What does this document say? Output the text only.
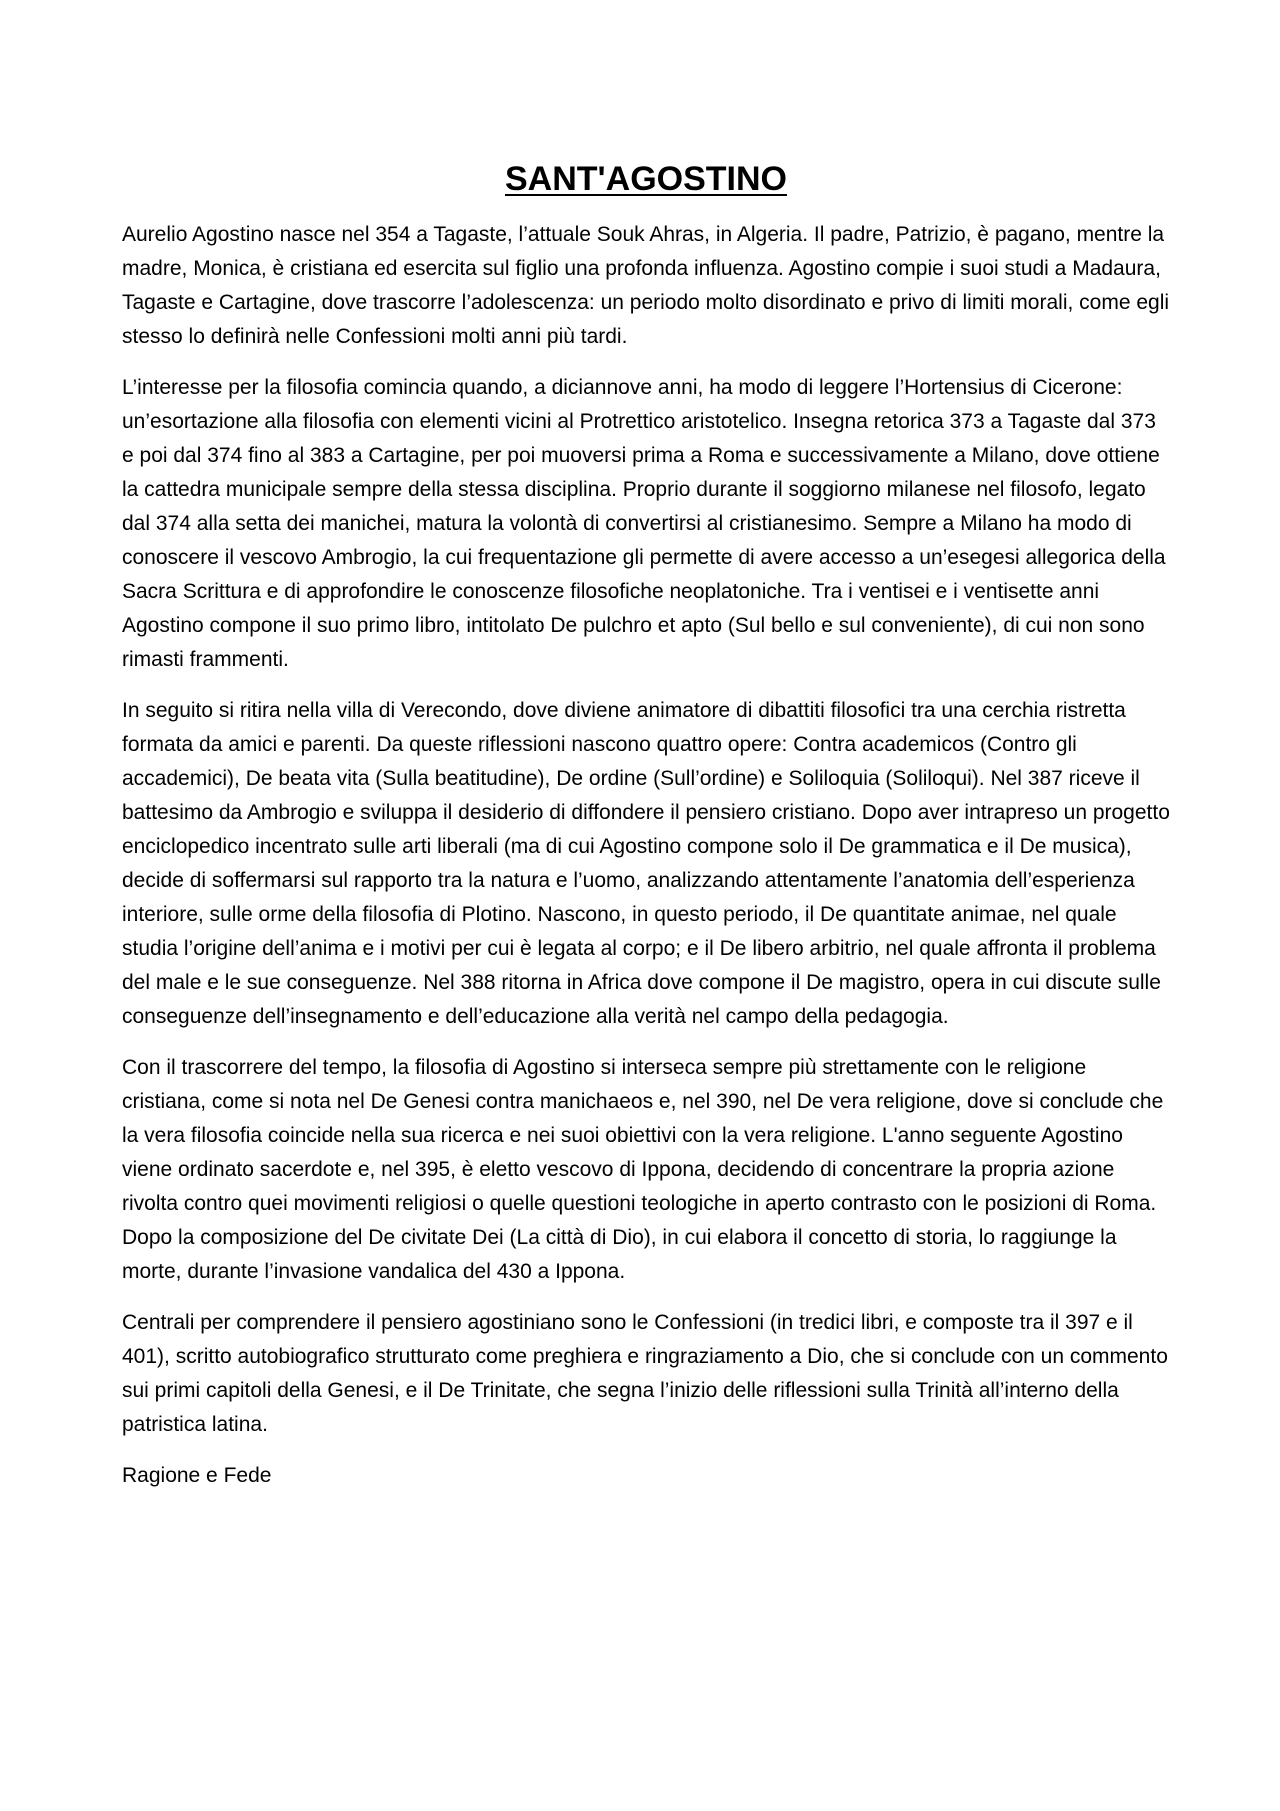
SANT'AGOSTINO

Aurelio Agostino nasce nel 354 a Tagaste, l’attuale Souk Ahras, in Algeria. Il padre, Patrizio, è pagano, mentre la madre, Monica, è cristiana ed esercita sul figlio una profonda influenza. Agostino compie i suoi studi a Madaura, Tagaste e Cartagine, dove trascorre l’adolescenza: un periodo molto disordinato e privo di limiti morali, come egli stesso lo definirà nelle Confessioni molti anni più tardi.

L’interesse per la filosofia comincia quando, a diciannove anni, ha modo di leggere l’Hortensius di Cicerone: un’esortazione alla filosofia con elementi vicini al Protrettico aristotelico. Insegna retorica 373 a Tagaste dal 373 e poi dal 374 fino al 383 a Cartagine, per poi muoversi prima a Roma e successivamente a Milano, dove ottiene la cattedra municipale sempre della stessa disciplina. Proprio durante il soggiorno milanese nel filosofo, legato dal 374 alla setta dei manichei, matura la volontà di convertirsi al cristianesimo. Sempre a Milano ha modo di conoscere il vescovo Ambrogio, la cui frequentazione gli permette di avere accesso a un’esegesi allegorica della Sacra Scrittura e di approfondire le conoscenze filosofiche neoplatoniche. Tra i ventisei e i ventisette anni Agostino compone il suo primo libro, intitolato De pulchro et apto (Sul bello e sul conveniente), di cui non sono rimasti frammenti.

In seguito si ritira nella villa di Verecondo, dove diviene animatore di dibattiti filosofici tra una cerchia ristretta formata da amici e parenti. Da queste riflessioni nascono quattro opere: Contra academicos (Contro gli accademici), De beata vita (Sulla beatitudine), De ordine (Sull’ordine) e Soliloquia (Soliloqui). Nel 387 riceve il battesimo da Ambrogio e sviluppa il desiderio di diffondere il pensiero cristiano. Dopo aver intrapreso un progetto enciclopedico incentrato sulle arti liberali (ma di cui Agostino compone solo il De grammatica e il De musica), decide di soffermarsi sul rapporto tra la natura e l’uomo, analizzando attentamente l’anatomia dell’esperienza interiore, sulle orme della filosofia di Plotino. Nascono, in questo periodo, il De quantitate animae, nel quale studia l’origine dell’anima e i motivi per cui è legata al corpo; e il De libero arbitrio, nel quale affronta il problema del male e le sue conseguenze. Nel 388 ritorna in Africa dove compone il De magistro, opera in cui discute sulle conseguenze dell’insegnamento e dell’educazione alla verità nel campo della pedagogia.

Con il trascorrere del tempo, la filosofia di Agostino si interseca sempre più strettamente con le religione cristiana, come si nota nel De Genesi contra manichaeos e, nel 390, nel De vera religione, dove si conclude che la vera filosofia coincide nella sua ricerca e nei suoi obiettivi con la vera religione. L'anno seguente Agostino viene ordinato sacerdote e, nel 395, è eletto vescovo di Ippona, decidendo di concentrare la propria azione rivolta contro quei movimenti religiosi o quelle questioni teologiche in aperto contrasto con le posizioni di Roma. Dopo la composizione del De civitate Dei (La città di Dio), in cui elabora il concetto di storia, lo raggiunge la morte, durante l’invasione vandalica del 430 a Ippona.

Centrali per comprendere il pensiero agostiniano sono le Confessioni (in tredici libri, e composte tra il 397 e il 401), scritto autobiografico strutturato come preghiera e ringraziamento a Dio, che si conclude con un commento sui primi capitoli della Genesi, e il De Trinitate, che segna l’inizio delle riflessioni sulla Trinità all’interno della patristica latina.

Ragione e Fede
